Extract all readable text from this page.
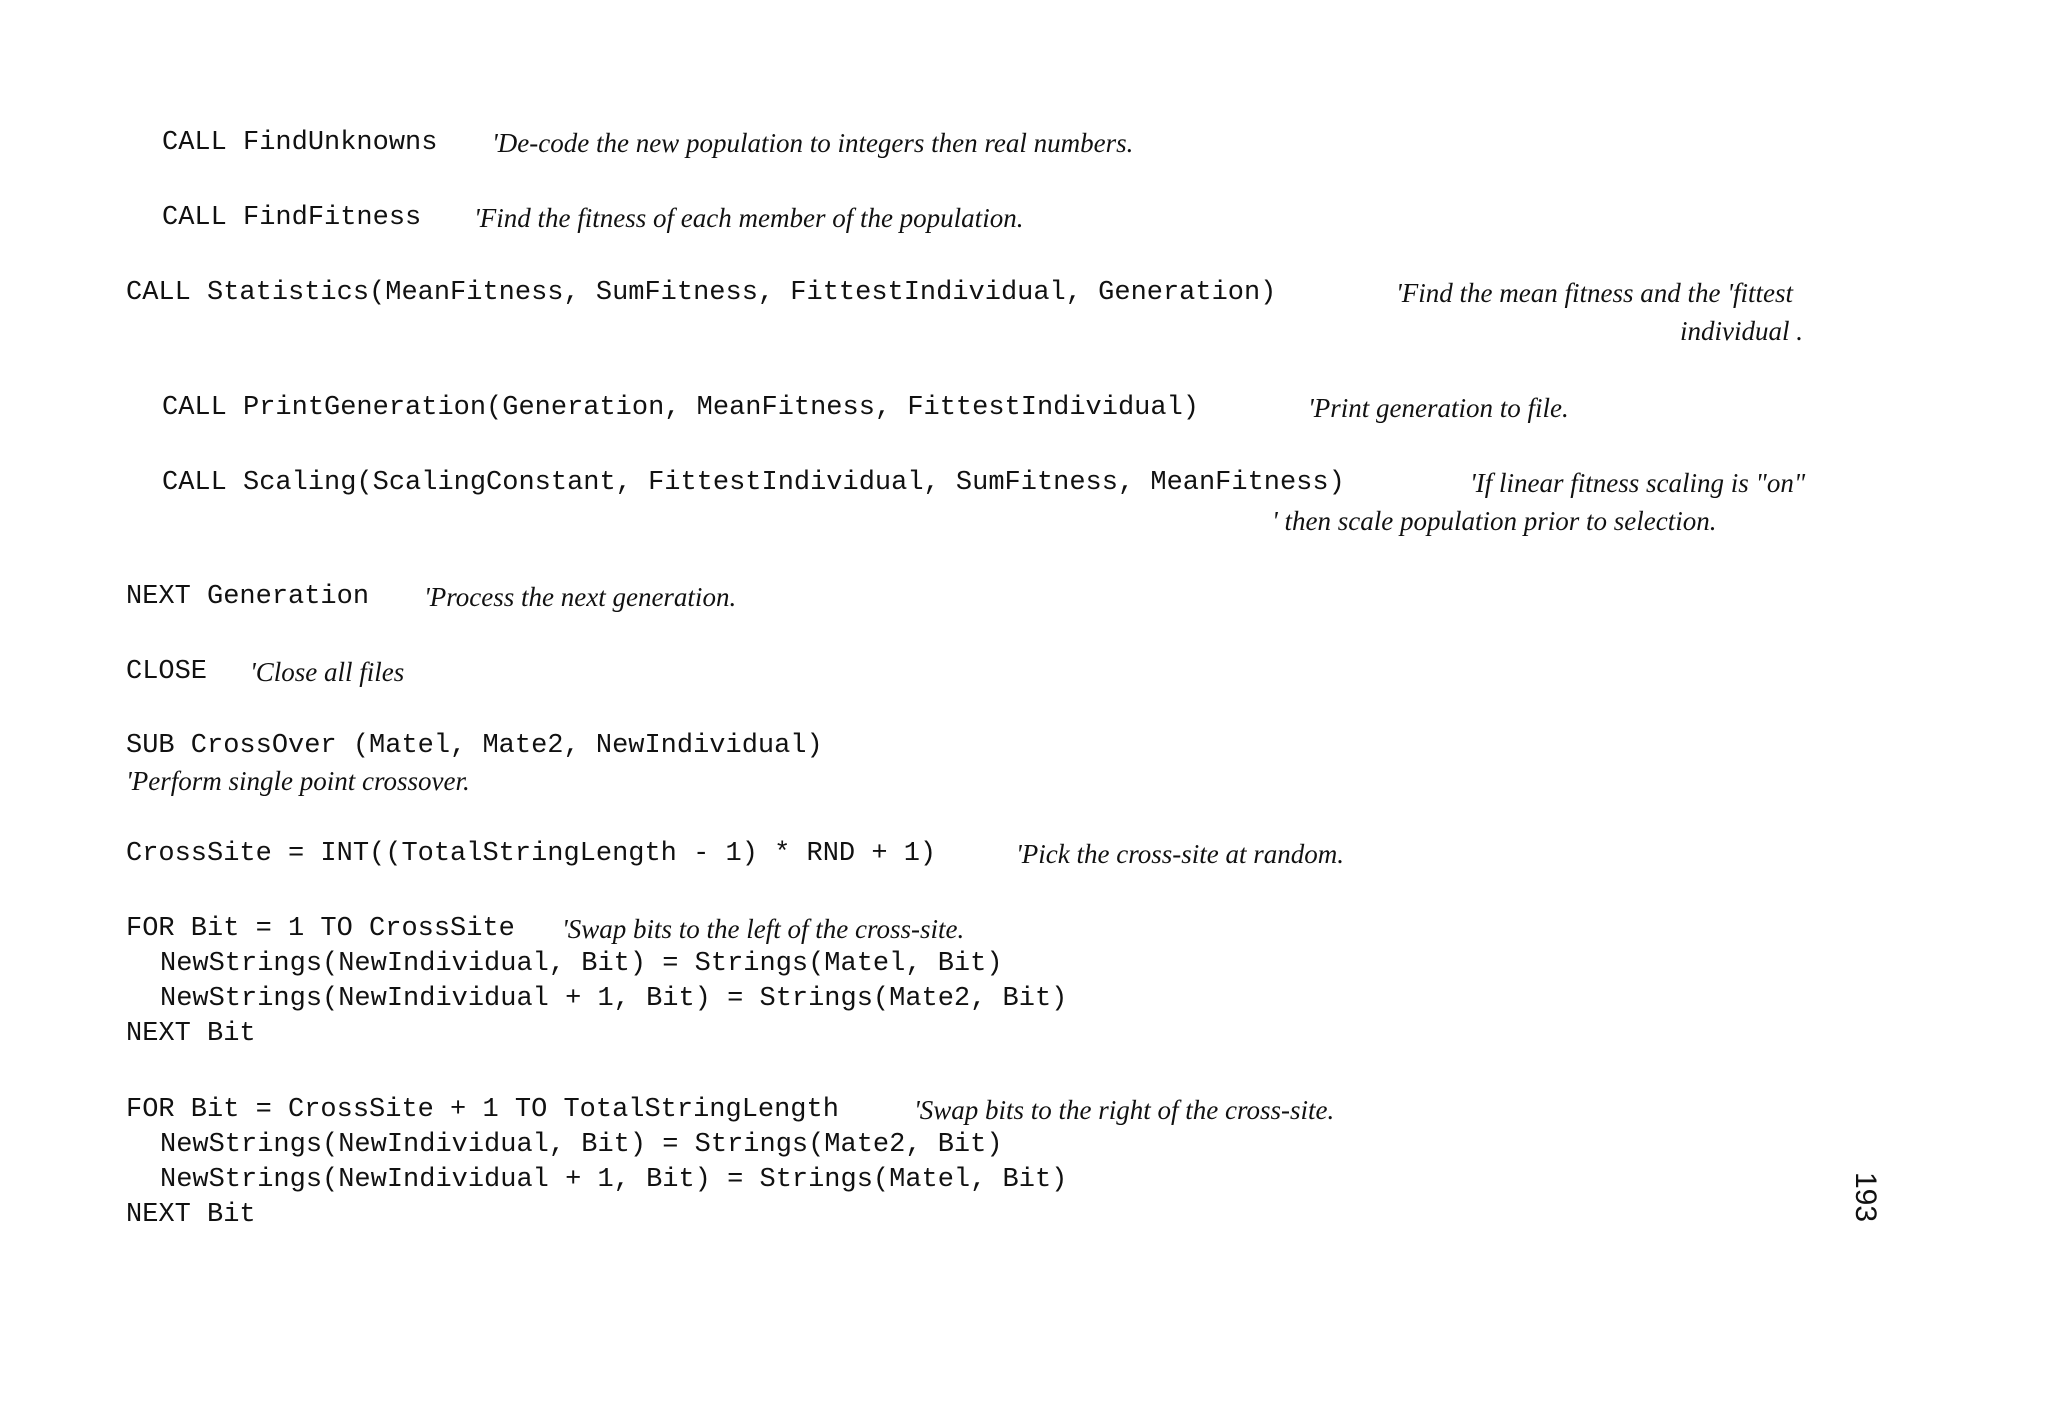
CALL FindUnknowns 'De-code the new population to integers then real numbers.
CALL FindFitness 'Find the fitness of each member of the population.
CALL Statistics(MeanFitness, SumFitness, FittestIndividual, Generation)	'Find the mean fitness and the 'fittest
individual .
CALL PrintGeneration(Generation, MeanFitness, FittestIndividual)	'Print generation to file.
CALL Scaling(ScalingConstant, FittestIndividual, SumFitness, MeanFitness)	'If linear fitness scaling is "on"
' then scale population prior to selection.
NEXT Generation 'Process the next generation.
CLOSE 'Close all files
SUB CrossOver (Matel, Mate2, NewIndividual)
'Perform single point crossover.
CrossSite = INT((TotalStringLength - 1) * RND + 1)	'Pick the cross-site at random.
FOR Bit = 1 TO CrossSite 'Swap bits to the left of the cross-site.
NewStrings(NewIndividual, Bit) = Strings(Matel, Bit)
NewStrings(NewIndividual + 1, Bit) = Strings(Mate2, Bit)
NEXT Bit
FOR Bit = CrossSite + 1 TO TotalStringLength	'Swap bits to the right of the cross-site.
NewStrings(NewIndividual, Bit) = Strings(Mate2, Bit)
NewStrings(NewIndividual + 1, Bit) = Strings(Matel, Bit)
NEXT Bit	193
